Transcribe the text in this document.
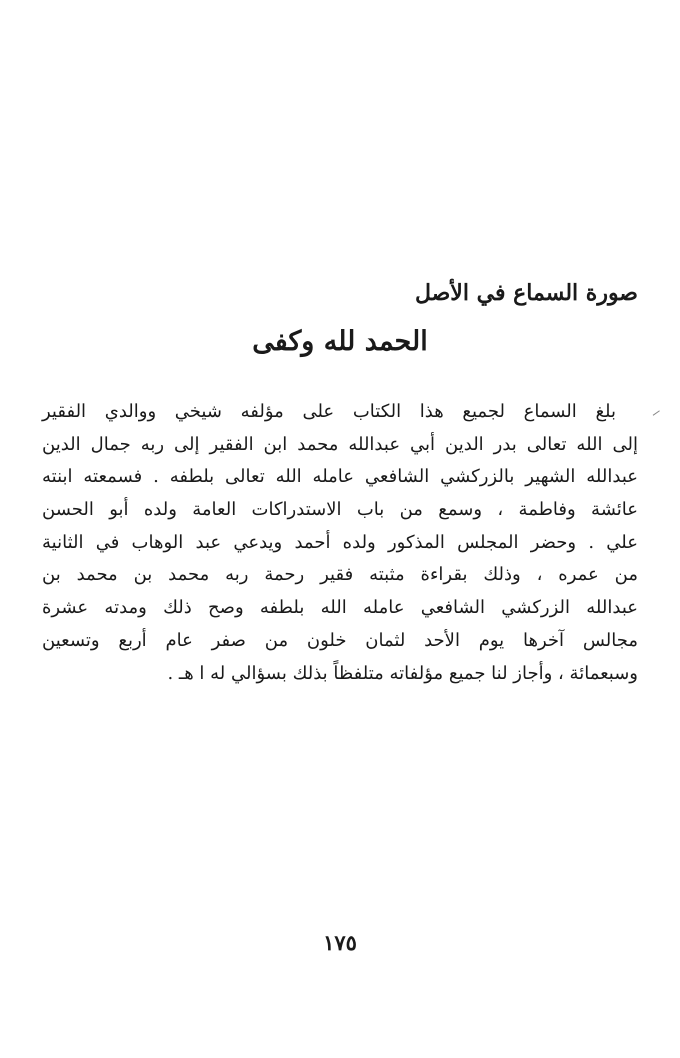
صورة السماع في الأصل
الحمد لله وكفى
بلغ السماع لجميع هذا الكتاب على مؤلفه شيخي ووالدي الفقير
إلى الله تعالى بدر الدين أبي عبدالله محمد ابن الفقير إلى ربه جمال الدين
عبدالله الشهير بالزركشي الشافعي عامله الله تعالى بلطفه . فسمعته ابنته
عائشة وفاطمة ، وسمع من باب الاستدراكات العامة ولده أبو الحسن
علي . وحضر المجلس المذكور ولده أحمد ويدعي عبد الوهاب في الثانية
من عمره ، وذلك بقراءة مثبته فقير رحمة ربه محمد بن محمد بن
عبدالله الزركشي الشافعي عامله الله بلطفه وصح ذلك ومدته عشرة
مجالس آخرها يوم الأحد لثمان خلون من صفر عام أربع وتسعين
وسبعمائة ، وأجاز لنا جميع مؤلفاته متلفظاً بذلك بسؤالي له ا هـ .
١٧٥
